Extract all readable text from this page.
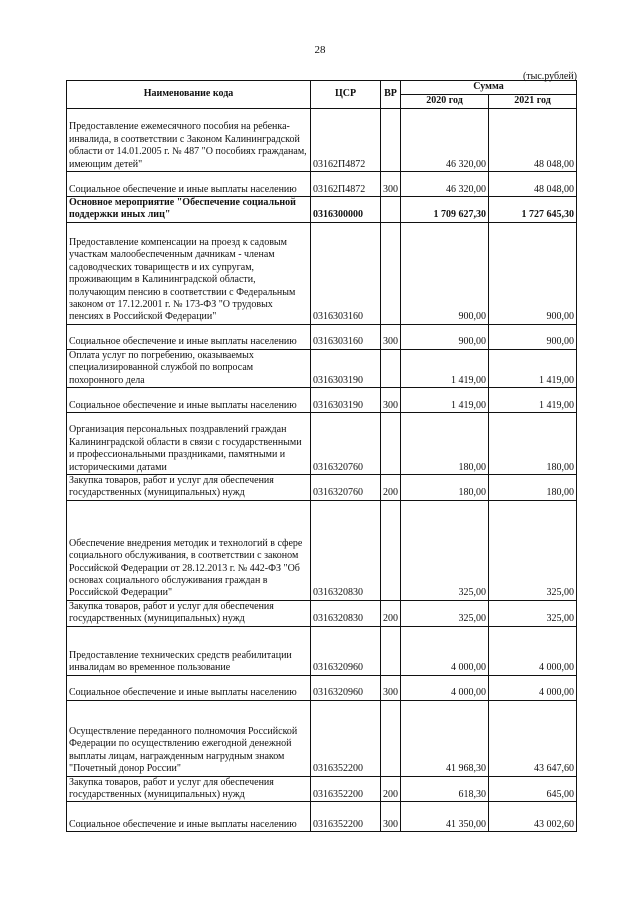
28
(тыс.рублей)
Наименование кода	ЦСР	ВР	Сумма	
			2020 год	2021 год
Предоставление ежемесячного пособия на ребенка-инвалида, в соответствии с Законом Калининградской области от 14.01.2005 г. № 487 "О пособиях гражданам, имеющим детей"	03162П4872		46 320,00	48 048,00
Социальное обеспечение и иные выплаты населению	03162П4872	300	46 320,00	48 048,00
Основное мероприятие "Обеспечение социальной поддержки иных лиц"	0316300000		1 709 627,30	1 727 645,30
Предоставление компенсации на проезд к садовым участкам малообеспеченным дачникам - членам садоводческих товариществ и их супругам, проживающим в Калининградской области, получающим пенсию в соответствии с Федеральным законом от 17.12.2001 г. № 173-ФЗ "О трудовых пенсиях в Российской Федерации"	0316303160		900,00	900,00
Социальное обеспечение и иные выплаты населению	0316303160	300	900,00	900,00
Оплата услуг по погребению, оказываемых специализированной службой по вопросам похоронного дела	0316303190		1 419,00	1 419,00
Социальное обеспечение и иные выплаты населению	0316303190	300	1 419,00	1 419,00
Организация персональных поздравлений граждан Калининградской области в связи с государственными и профессиональными праздниками, памятными и историческими датами	0316320760		180,00	180,00
Закупка товаров, работ и услуг для обеспечения государственных (муниципальных) нужд	0316320760	200	180,00	180,00
Обеспечение внедрения методик и технологий в сфере социального обслуживания, в соответствии с законом Российской Федерации от 28.12.2013 г. № 442-ФЗ "Об основах социального обслуживания граждан в Российской Федерации"	0316320830		325,00	325,00
Закупка товаров, работ и услуг для обеспечения государственных (муниципальных) нужд	0316320830	200	325,00	325,00
Предоставление технических средств реабилитации инвалидам во временное пользование	0316320960		4 000,00	4 000,00
Социальное обеспечение и иные выплаты населению	0316320960	300	4 000,00	4 000,00
Осуществление переданного полномочия Российской Федерации по осуществлению ежегодной денежной выплаты лицам, награжденным нагрудным знаком "Почетный донор России"	0316352200		41 968,30	43 647,60
Закупка товаров, работ и услуг для обеспечения государственных (муниципальных) нужд	0316352200	200	618,30	645,00
Социальное обеспечение и иные выплаты населению	0316352200	300	41 350,00	43 002,60
